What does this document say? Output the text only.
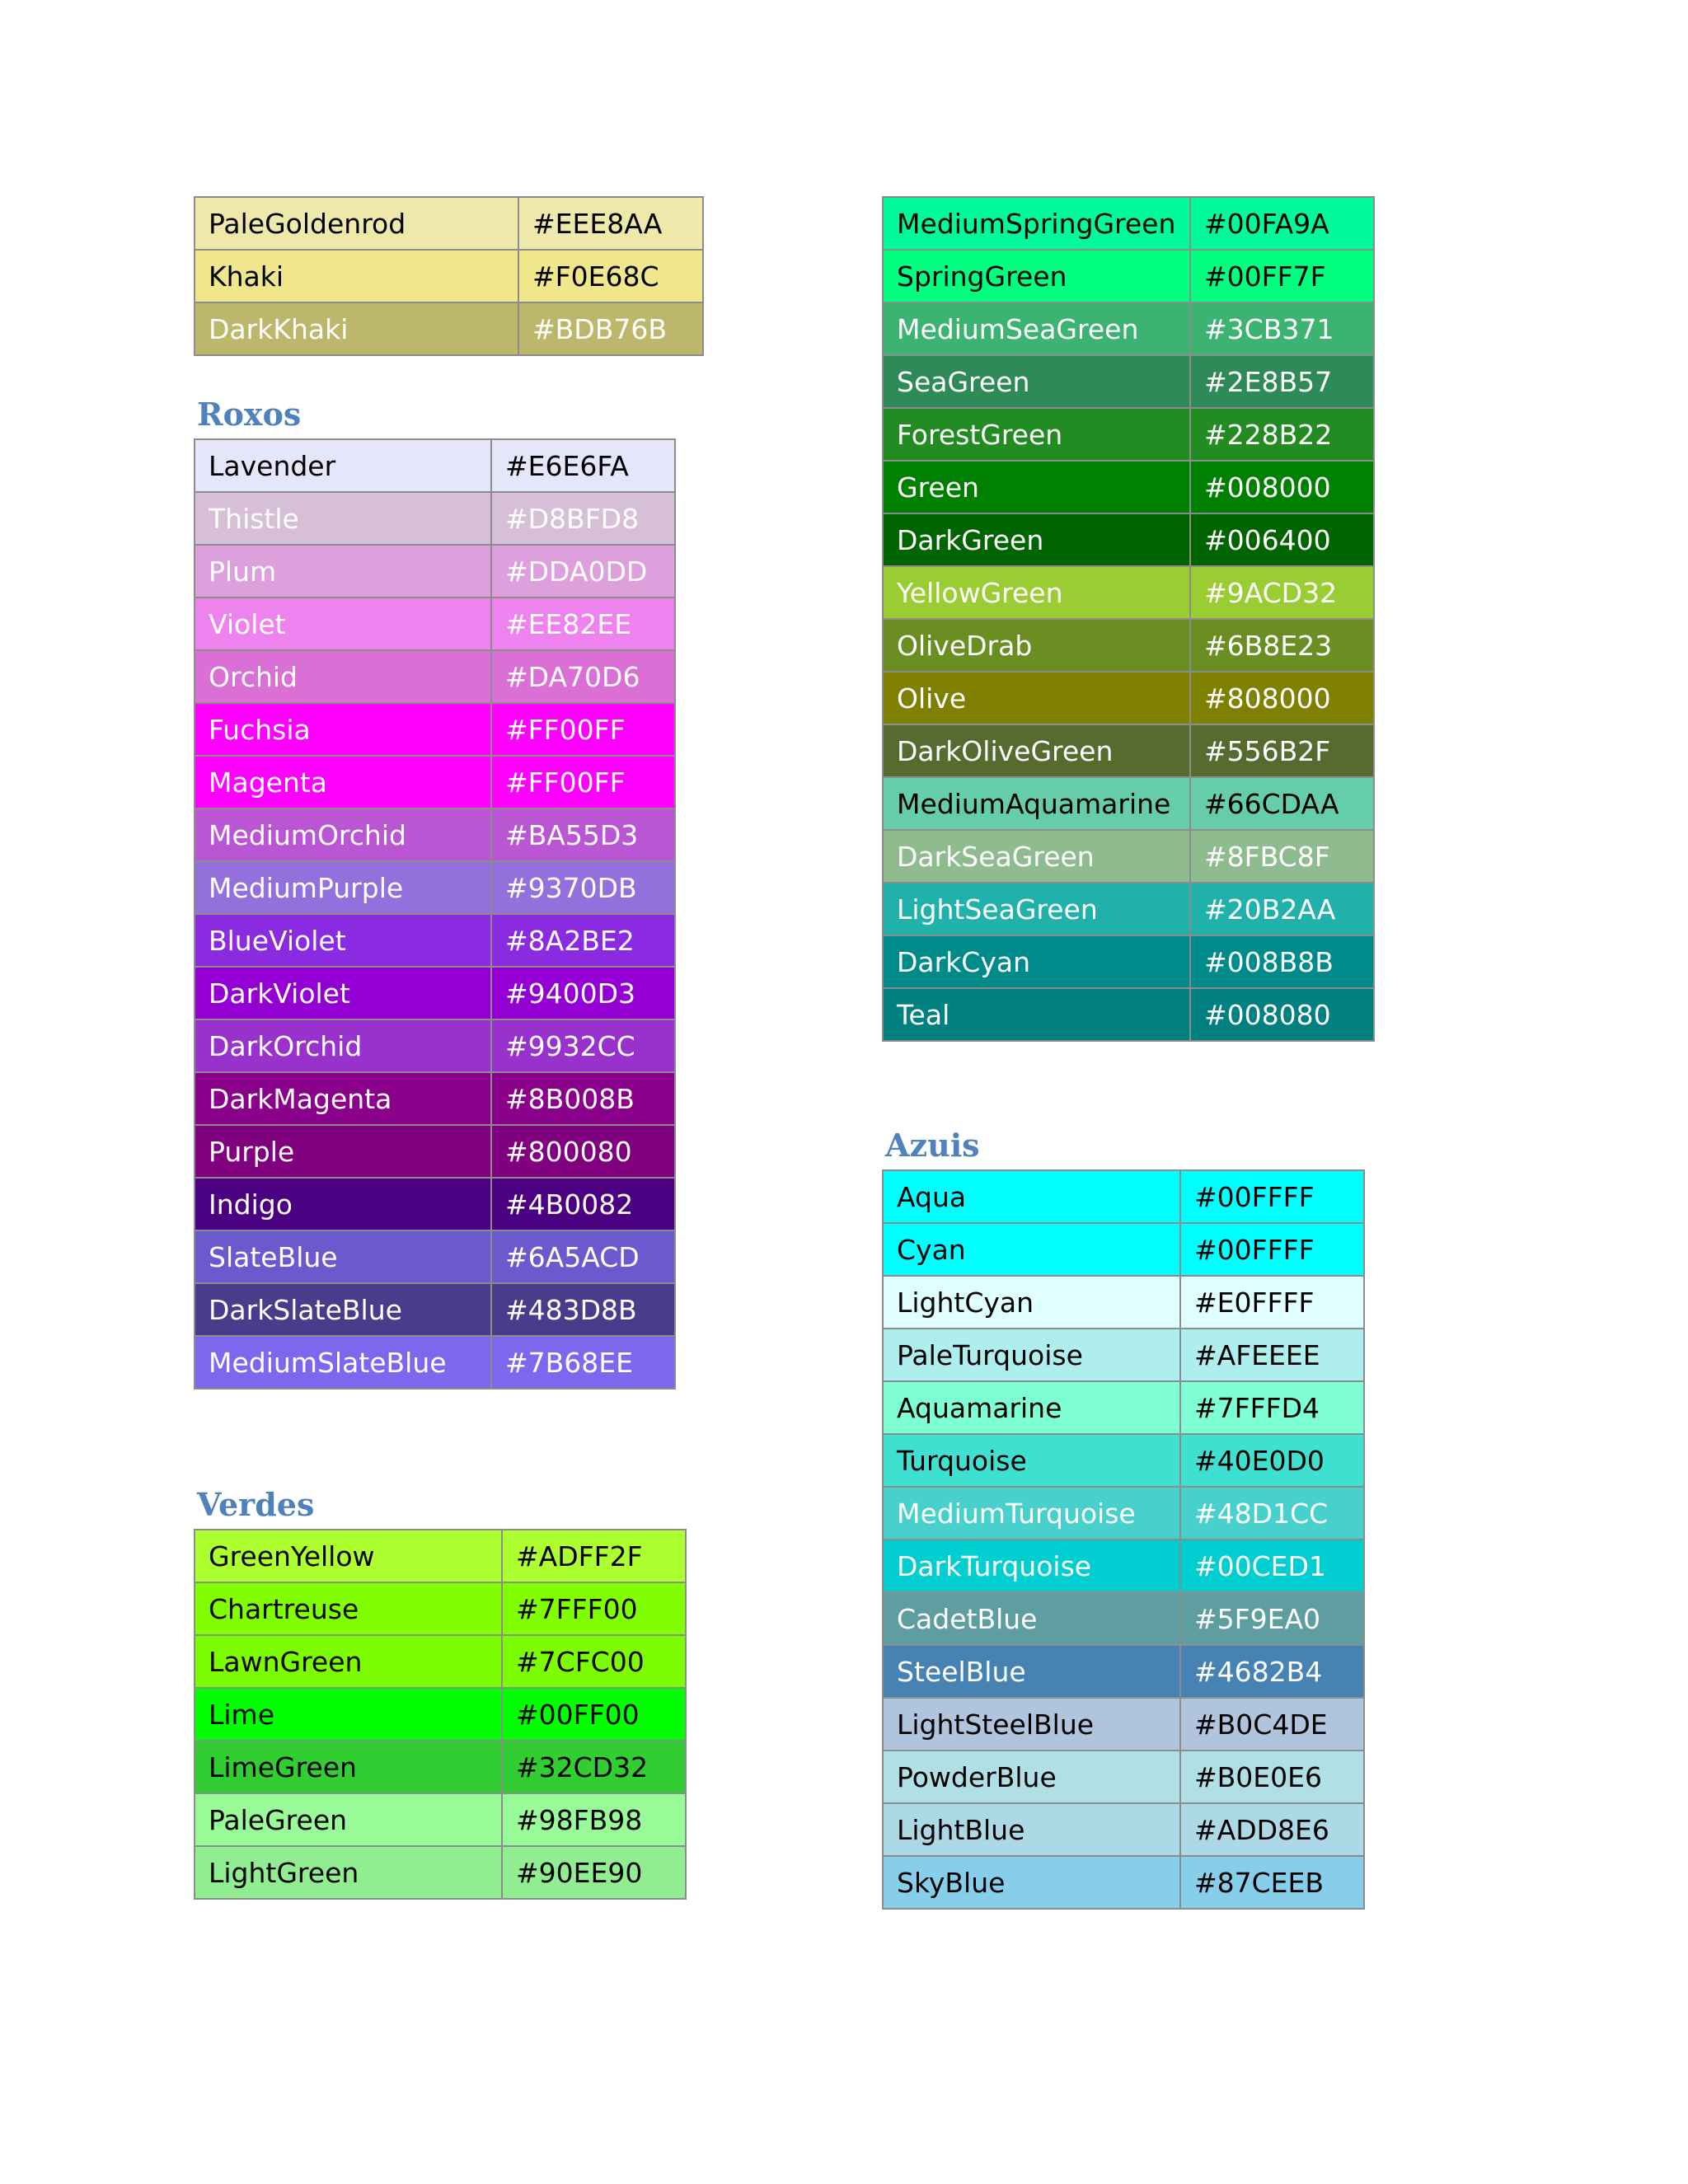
PaleGoldenrod	#EEE8AA
Khaki	#F0E68C
DarkKhaki	#BDB76B
Roxos
Lavender	#E6E6FA
Thistle	#D8BFD8
Plum	#DDA0DD
Violet	#EE82EE
Orchid	#DA70D6
Fuchsia	#FF00FF
Magenta	#FF00FF
MediumOrchid	#BA55D3
MediumPurple	#9370DB
BlueViolet	#8A2BE2
DarkViolet	#9400D3
DarkOrchid	#9932CC
DarkMagenta	#8B008B
Purple	#800080
Indigo	#4B0082
SlateBlue	#6A5ACD
DarkSlateBlue	#483D8B
MediumSlateBlue	#7B68EE
Verdes
GreenYellow	#ADFF2F
Chartreuse	#7FFF00
LawnGreen	#7CFC00
Lime	#00FF00
LimeGreen	#32CD32
PaleGreen	#98FB98
LightGreen	#90EE90
MediumSpringGreen	#00FA9A
SpringGreen	#00FF7F
MediumSeaGreen	#3CB371
SeaGreen	#2E8B57
ForestGreen	#228B22
Green	#008000
DarkGreen	#006400
YellowGreen	#9ACD32
OliveDrab	#6B8E23
Olive	#808000
DarkOliveGreen	#556B2F
MediumAquamarine	#66CDAA
DarkSeaGreen	#8FBC8F
LightSeaGreen	#20B2AA
DarkCyan	#008B8B
Teal	#008080
Azuis
Aqua	#00FFFF
Cyan	#00FFFF
LightCyan	#E0FFFF
PaleTurquoise	#AFEEEE
Aquamarine	#7FFFD4
Turquoise	#40E0D0
MediumTurquoise	#48D1CC
DarkTurquoise	#00CED1
CadetBlue	#5F9EA0
SteelBlue	#4682B4
LightSteelBlue	#B0C4DE
PowderBlue	#B0E0E6
LightBlue	#ADD8E6
SkyBlue	#87CEEB
